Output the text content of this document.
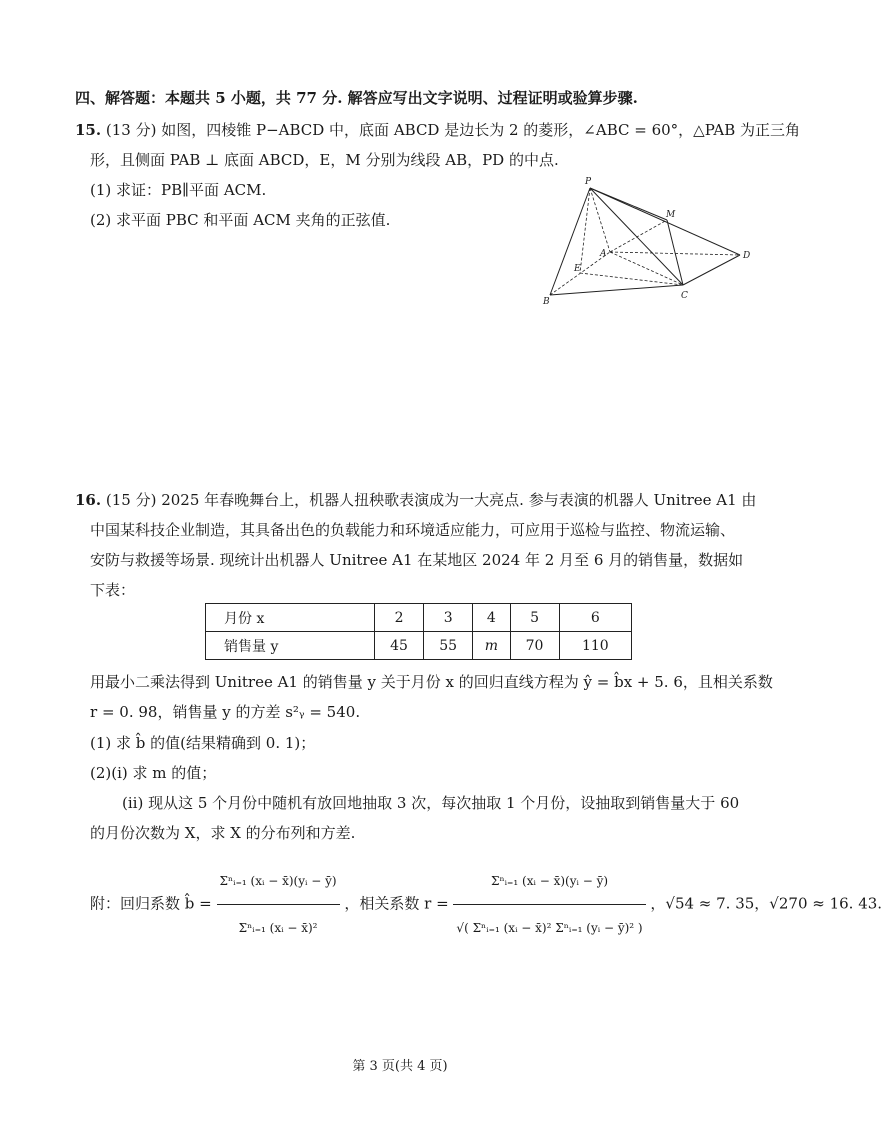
四、解答题：本题共 5 小题，共 77 分. 解答应写出文字说明、过程证明或验算步骤.
15. (13 分) 如图，四棱锥 P−ABCD 中，底面 ABCD 是边长为 2 的菱形，∠ABC = 60°，△PAB 为正三角
形，且侧面 PAB ⊥ 底面 ABCD，E，M 分别为线段 AB，PD 的中点.
(1) 求证：PB∥平面 ACM.
(2) 求平面 PBC 和平面 ACM 夹角的正弦值.
P
M
A	D
E
B
C
16. (15 分) 2025 年春晚舞台上，机器人扭秧歌表演成为一大亮点. 参与表演的机器人 Unitree A1 由
中国某科技企业制造，其具备出色的负载能力和环境适应能力，可应用于巡检与监控、物流运输、
安防与救援等场景. 现统计出机器人 Unitree A1 在某地区 2024 年 2 月至 6 月的销售量，数据如
下表：
月份 x	2	3	4	5	6
销售量 y	45	55	m	70	110
用最小二乘法得到 Unitree A1 的销售量 y 关于月份 x 的回归直线方程为 ŷ = b̂x + 5. 6，且相关系数
r = 0. 98，销售量 y 的方差 s²ᵧ = 540.
(1) 求 b̂ 的值(结果精确到 0. 1)；
(2)(ⅰ) 求 m 的值；
(ⅱ) 现从这 5 个月份中随机有放回地抽取 3 次，每次抽取 1 个月份，设抽取到销售量大于 60
的月份次数为 X，求 X 的分布列和方差.
附：回归系数 b̂ = $\frac{\text{Σⁿᵢ₌₁ (xᵢ − x̄)(yᵢ − ȳ)}}{\text{Σⁿᵢ₌₁ (xᵢ − x̄)²}}$ ，相关系数 $r = \frac{\text{Σⁿᵢ₌₁ (xᵢ − x̄)(yᵢ − ȳ)}}{\text{√( Σⁿᵢ₌₁ (xᵢ − x̄)² Σⁿᵢ₌₁ (yᵢ − ȳ)² )}}$ ，√54 ≈ 7. 35，√270 ≈ 16. 43.
第 3 页(共 4 页)
